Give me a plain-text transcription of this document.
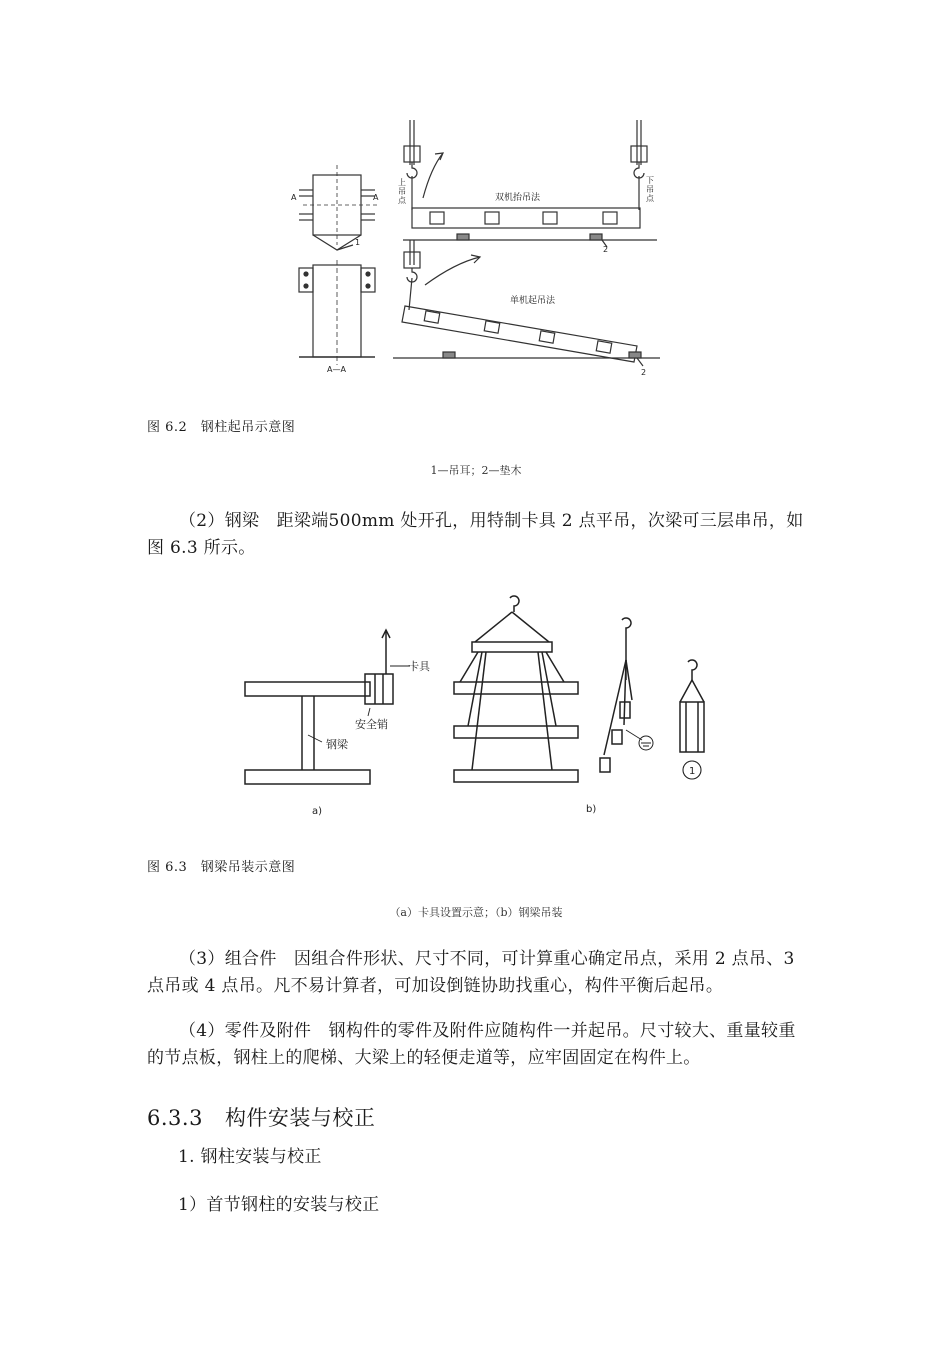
A	A
1
A—A
双机抬吊法
单机起吊法
2
2
上吊点
下吊点
图 6.2　钢柱起吊示意图
1—吊耳；2—垫木
（2）钢梁　距梁端500mm 处开孔，用特制卡具 2 点平吊，次梁可三层串吊，如图 6.3 所示。
卡具
安全销
钢梁
a)	b)
1
图 6.3　钢梁吊装示意图
（a）卡具设置示意；（b）钢梁吊装
（3）组合件　因组合件形状、尺寸不同，可计算重心确定吊点，采用 2 点吊、3 点吊或 4 点吊。凡不易计算者，可加设倒链协助找重心，构件平衡后起吊。
（4）零件及附件　钢构件的零件及附件应随构件一并起吊。尺寸较大、重量较重的节点板，钢柱上的爬梯、大梁上的轻便走道等，应牢固固定在构件上。
6.3.3 构件安装与校正
1. 钢柱安装与校正
1）首节钢柱的安装与校正
